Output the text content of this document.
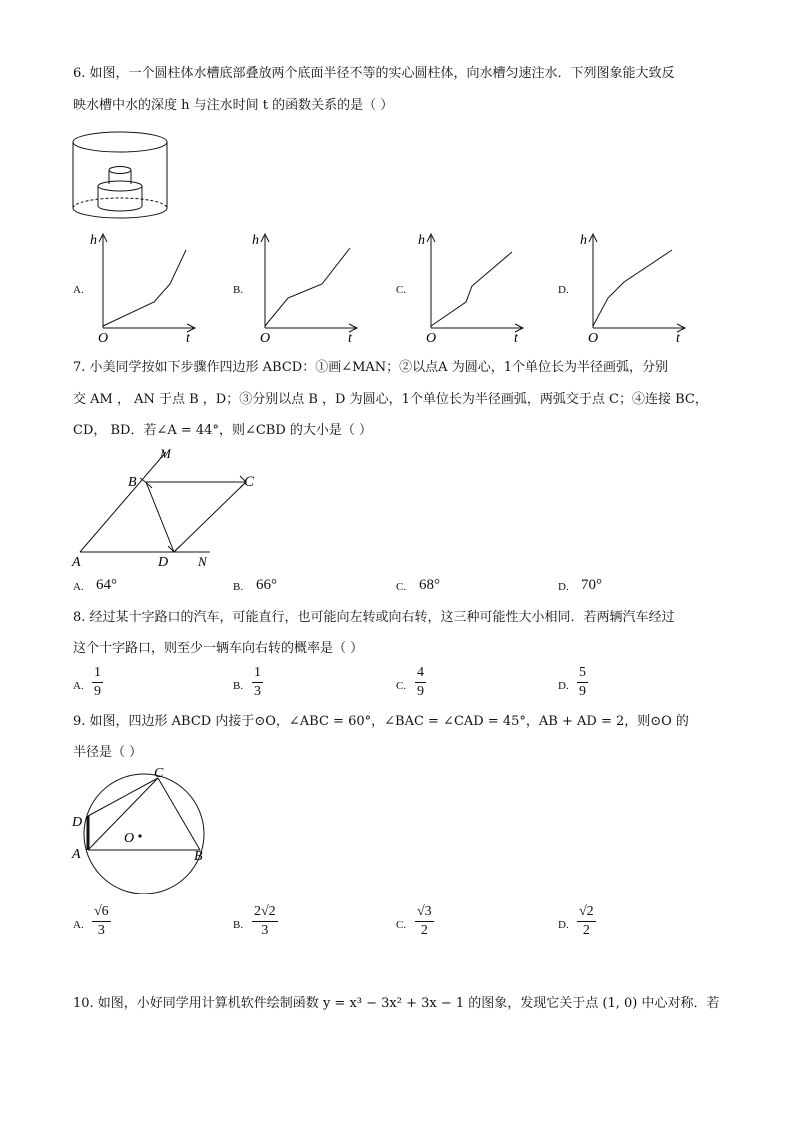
6. 如图，一个圆柱体水槽底部叠放两个底面半径不等的实心圆柱体，向水槽匀速注水．下列图象能大致反
映水槽中水的深度 h 与注水时间 t 的函数关系的是（ ）
A.
h
O	t
B.
h
O	t
C.
h
O	t
D.
h
O	t
7. 小美同学按如下步骤作四边形 ABCD：①画∠MAN；②以点A 为圆心，1个单位长为半径画弧，分别
交 AM ， AN 于点 B ，D；③分别以点 B ，D 为圆心，1个单位长为半径画弧，两弧交于点 C；④连接 BC，
CD， BD．若∠A = 44°，则∠CBD 的大小是（ ）
M
B	C
A	D N
A. 64°	B. 66°	C. 68°	D. 70°
8. 经过某十字路口的汽车，可能直行，也可能向左转或向右转，这三种可能性大小相同．若两辆汽车经过
这个十字路口，则至少一辆车向右转的概率是（ ）
A. $\frac{1}{9}$	B. $\frac{1}{3}$	C. $\frac{4}{9}$	D. $\frac{5}{9}$
9. 如图，四边形 ABCD 内接于⊙O，∠ABC = 60°，∠BAC = ∠CAD = 45°，AB + AD = 2，则⊙O 的
半径是（ ）
C
D
A	B
O
A. $\frac{√6}{3}$	B. $\frac{2√2}{3}$	C. $\frac{√3}{2}$	D. $\frac{√2}{2}$
10. 如图，小好同学用计算机软件绘制函数 y = x³ − 3x² + 3x − 1 的图象，发现它关于点 (1, 0) 中心对称．若
